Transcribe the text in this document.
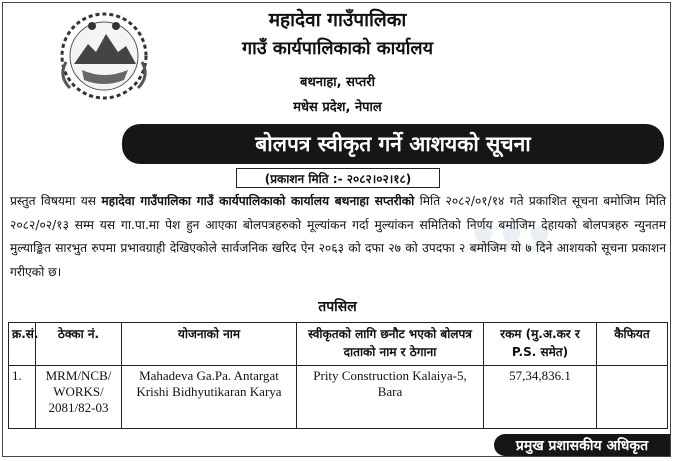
महादेवा गाउँपालिका
गाउँ कार्यपालिकाको कार्यालय
बथनाहा, सप्तरी
मधेस प्रदेश, नेपाल
बोलपत्र स्वीकृत गर्ने आशयको सूचना
(प्रकाशन मिति :- २०८२।०२।१८)
ᴥᴥᴥ
प्रस्तुत विषयमा यस महादेवा गाउँपालिका गाउँ कार्यपालिकाको कार्यालय बथनाहा सप्तरीको मिति २०८२/०१/१४ गते प्रकाशित सूचना बमोजिम मिति २०८२/०२/१३ सम्म यस गा.पा.मा पेश हुन आएका बोलपत्रहरुको मूल्यांकन गर्दा मुल्यांकन समितिको निर्णय बमोजिम देहायको बोलपत्रहरु न्युनतम मुल्याङ्कित सारभुत रुपमा प्रभावग्राही देखिएकोले सार्वजनिक खरिद ऐन २०६३ को दफा २७ को उपदफा २ बमोजिम यो ७ दिने आशयको सूचना प्रकाशन गरीएको छ।
तपसिल
क्र.सं.	ठेक्का नं.	योजनाको नाम	स्वीकृतको लागि छनौट भएको बोलपत्र दाताको नाम र ठेगाना	रकम (मु.अ.कर र P.S. समेत)	कैफियत
1.	MRM/NCB/ WORKS/ 2081/82-03	Mahadeva Ga.Pa. Antargat Krishi Bidhyutikaran Karya	Prity Construction Kalaiya-5, Bara	57,34,836.1	
प्रमुख प्रशासकीय अधिकृत
